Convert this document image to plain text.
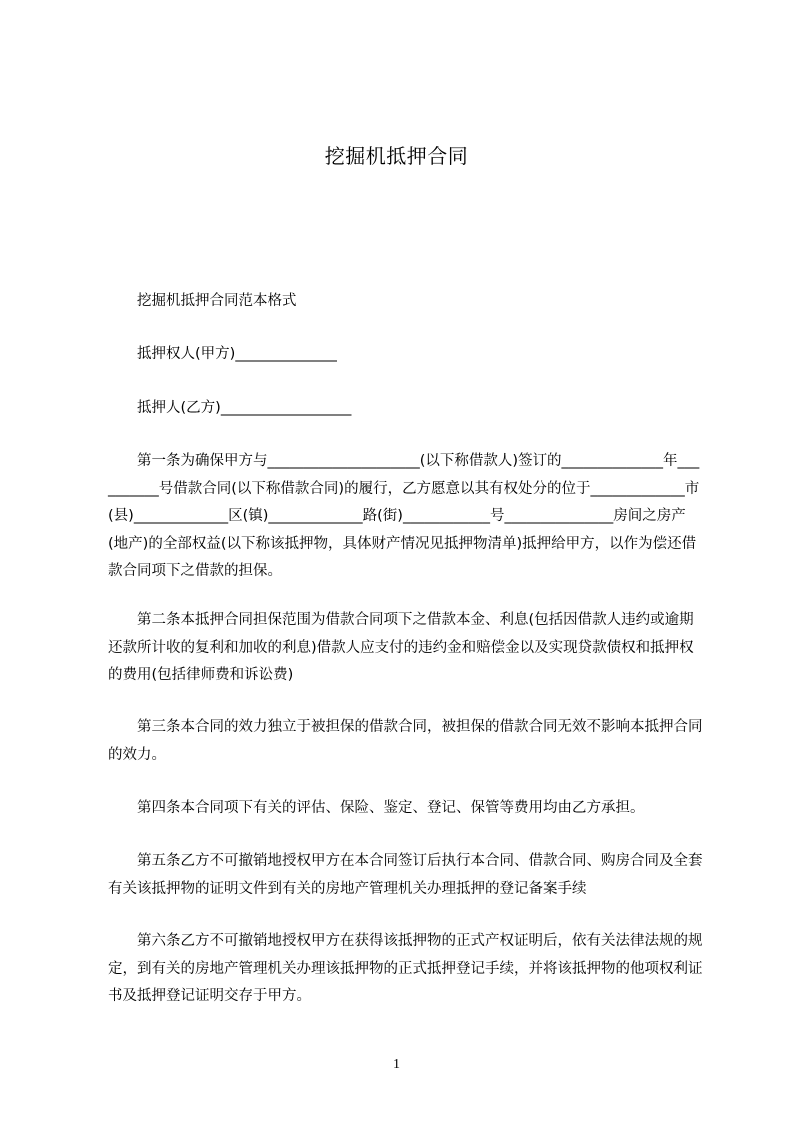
挖掘机抵押合同
挖掘机抵押合同范本格式
抵押权人(甲方)______________
抵押人(乙方)__________________
第一条为确保甲方与_____________________(以下称借款人)签订的______________年__________号借款合同(以下称借款合同)的履行，乙方愿意以其有权处分的位于_____________市(县)_____________区(镇)_____________路(街)____________号_______________房间之房产(地产)的全部权益(以下称该抵押物，具体财产情况见抵押物清单)抵押给甲方，以作为偿还借款合同项下之借款的担保。
第二条本抵押合同担保范围为借款合同项下之借款本金、利息(包括因借款人违约或逾期还款所计收的复利和加收的利息)借款人应支付的违约金和赔偿金以及实现贷款债权和抵押权的费用(包括律师费和诉讼费)
第三条本合同的效力独立于被担保的借款合同，被担保的借款合同无效不影响本抵押合同的效力。
第四条本合同项下有关的评估、保险、鉴定、登记、保管等费用均由乙方承担。
第五条乙方不可撤销地授权甲方在本合同签订后执行本合同、借款合同、购房合同及全套有关该抵押物的证明文件到有关的房地产管理机关办理抵押的登记备案手续
第六条乙方不可撤销地授权甲方在获得该抵押物的正式产权证明后，依有关法律法规的规定，到有关的房地产管理机关办理该抵押物的正式抵押登记手续，并将该抵押物的他项权利证书及抵押登记证明交存于甲方。
1
